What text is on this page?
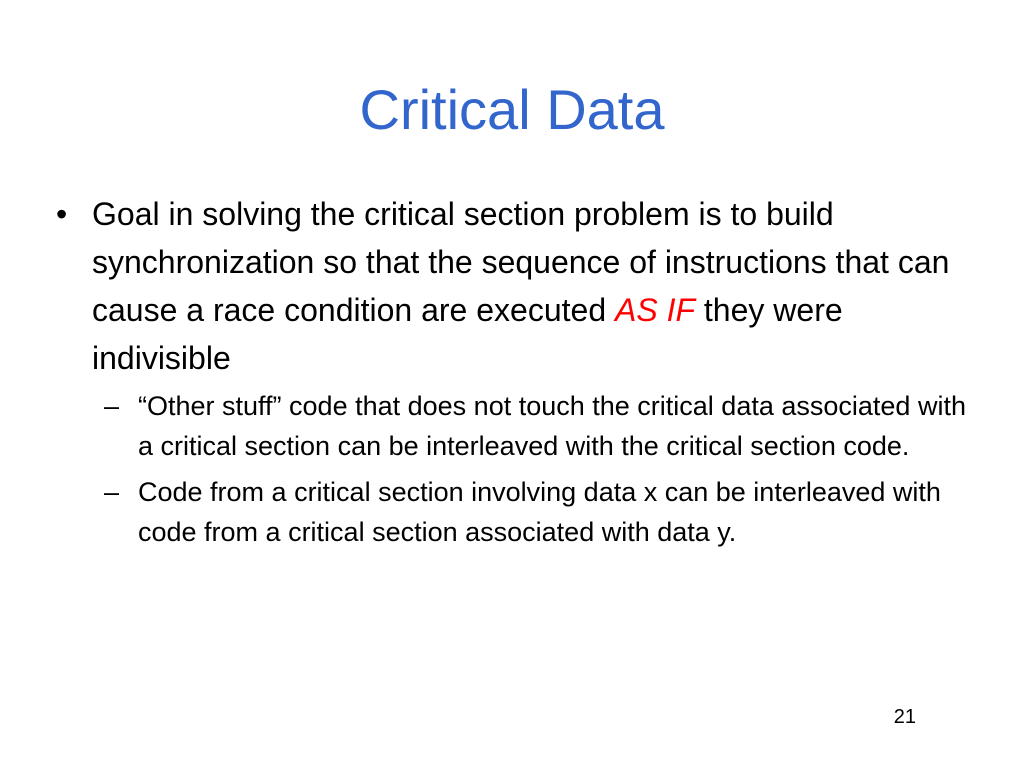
Critical Data
• Goal in solving the critical section problem is to build synchronization so that the sequence of instructions that can cause a race condition are executed AS IF they were indivisible
– “Other stuff” code that does not touch the critical data associated with a critical section can be interleaved with the critical section code.
– Code from a critical section involving data x can be interleaved with code from a critical section associated with data y.
21
